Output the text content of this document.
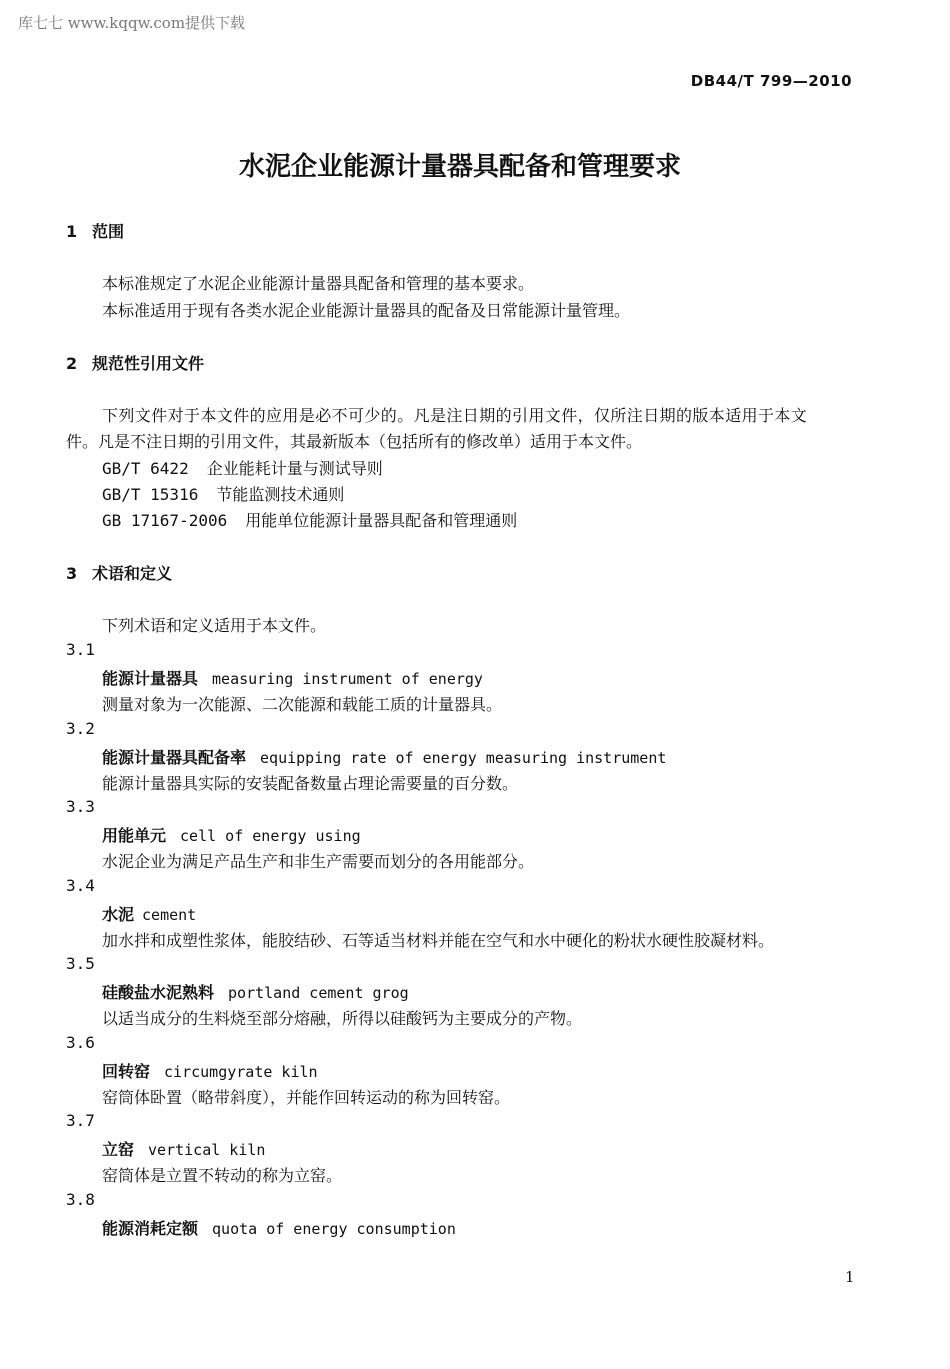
库七七 www.kqqw.com提供下载
DB44/T 799—2010
水泥企业能源计量器具配备和管理要求
1 范围
本标准规定了水泥企业能源计量器具配备和管理的基本要求。
本标准适用于现有各类水泥企业能源计量器具的配备及日常能源计量管理。
2 规范性引用文件
下列文件对于本文件的应用是必不可少的。凡是注日期的引用文件，仅所注日期的版本适用于本文
件。凡是不注日期的引用文件，其最新版本（包括所有的修改单）适用于本文件。
GB/T 6422 企业能耗计量与测试导则
GB/T 15316 节能监测技术通则
GB 17167-2006 用能单位能源计量器具配备和管理通则
3 术语和定义
下列术语和定义适用于本文件。
3.1
能源计量器具 measuring instrument of energy
测量对象为一次能源、二次能源和载能工质的计量器具。
3.2
能源计量器具配备率 equipping rate of energy measuring instrument
能源计量器具实际的安装配备数量占理论需要量的百分数。
3.3
用能单元 cell of energy using
水泥企业为满足产品生产和非生产需要而划分的各用能部分。
3.4
水泥 cement
加水拌和成塑性浆体，能胶结砂、石等适当材料并能在空气和水中硬化的粉状水硬性胶凝材料。
3.5
硅酸盐水泥熟料 portland cement grog
以适当成分的生料烧至部分熔融，所得以硅酸钙为主要成分的产物。
3.6
回转窑 circumgyrate kiln
窑筒体卧置（略带斜度），并能作回转运动的称为回转窑。
3.7
立窑 vertical kiln
窑筒体是立置不转动的称为立窑。
3.8
能源消耗定额 quota of energy consumption
1
